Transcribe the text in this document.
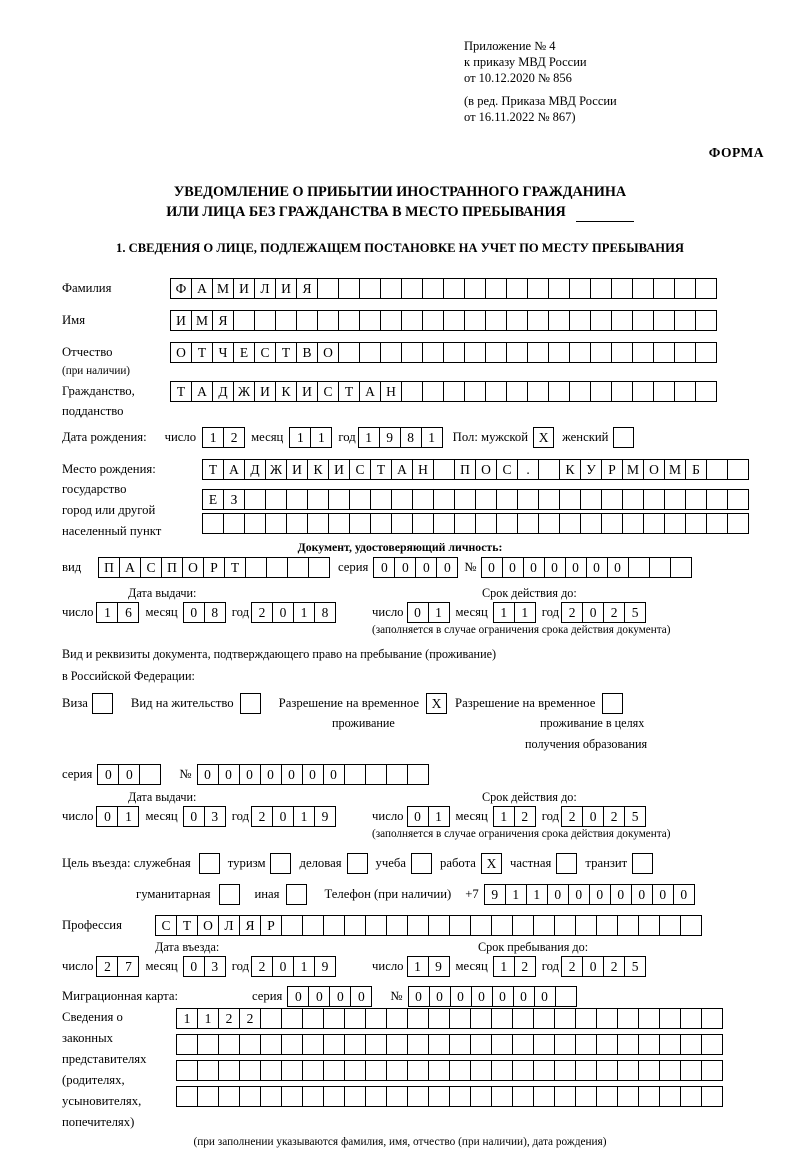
Приложение № 4
к приказу МВД России
от 10.12.2020 № 856
(в ред. Приказа МВД России
от 16.11.2022 № 867)
ФОРМА
УВЕДОМЛЕНИЕ О ПРИБЫТИИ ИНОСТРАННОГО ГРАЖДАНИНА
ИЛИ ЛИЦА БЕЗ ГРАЖДАНСТВА В МЕСТО ПРЕБЫВАНИЯ
1. СВЕДЕНИЯ О ЛИЦЕ, ПОДЛЕЖАЩЕМ ПОСТАНОВКЕ НА УЧЕТ ПО МЕСТУ ПРЕБЫВАНИЯ
Фамилия	Ф А М И Л И Я
Имя	И М Я
Отчество	О Т Ч Е С Т В О
(при наличии)
Гражданство,	Т А Д Ж И К И С Т А Н
подданство
Дата рождения: число	1	2	месяц	1	1	год 1	9	8	1	Пол: мужской X	женский
Место рождения:	Т А Д Ж И К И С Т А Н	П О С	.	К У Р М О М Б
государство
Е З
город или другой
населенный пункт
Документ, удостоверяющий личность:
вид	П А С П О Р Т	серия 0	0	0	0	№ 0	0	0	0	0	0	0
Дата выдачи:	Срок действия до:
число 1	6	месяц 0	8	год 2	0	1	8	число 0	1	месяц 1	1	год 2	0	2	5
(заполняется в случае ограничения срока действия документа)
Вид и реквизиты документа, подтверждающего право на пребывание (проживание)
в Российской Федерации:
Виза	Вид на жительство	Разрешение на временное X	Разрешение на временное
проживание	проживание в целях
получения образования
серия 0	0	№ 0	0	0	0	0	0	0
Дата выдачи:	Срок действия до:
число 0	1	месяц 0	3	год 2	0	1	9	число 0	1	месяц 1	2	год 2	0	2	5
(заполняется в случае ограничения срока действия документа)
Цель въезда: служебная	туризм	деловая	учеба	работа X	частная	транзит
гуманитарная	иная	Телефон (при наличии) +7 9	1	1	0	0	0	0	0	0	0
Профессия	С Т О Л Я Р
Дата въезда:	Срок пребывания до:
число 2	7	месяц 0	3	год 2	0	1	9	число 1	9	месяц 1	2	год 2	0	2	5
Миграционная карта:	серия 0	0	0	0	№ 0	0	0	0	0	0	0
Сведения о
законных
представителях
(родителях,
усыновителях,
попечителях)
1	1	2	2
(при заполнении указываются фамилия, имя, отчество (при наличии), дата рождения)
